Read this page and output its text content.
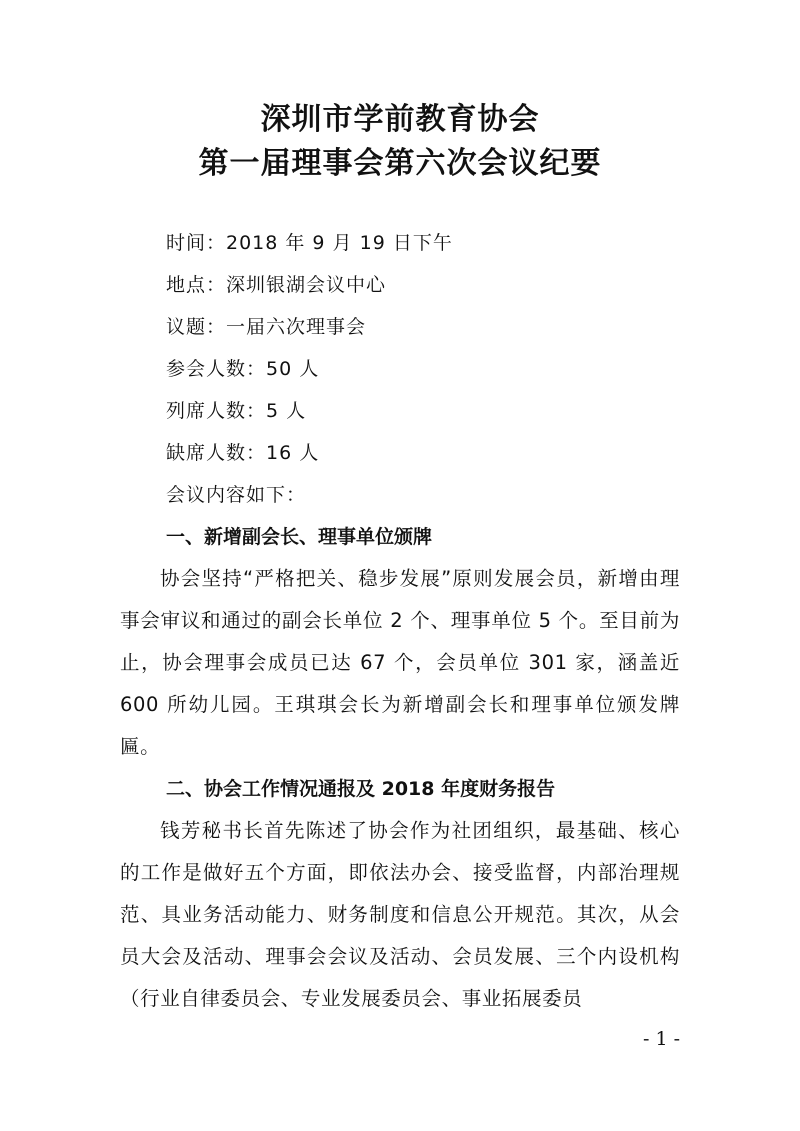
深圳市学前教育协会
第一届理事会第六次会议纪要
时间：2018 年 9 月 19 日下午
地点：深圳银湖会议中心
议题：一届六次理事会
参会人数：50 人
列席人数：5 人
缺席人数：16 人
会议内容如下：
一、新增副会长、理事单位颁牌
协会坚持“严格把关、稳步发展”原则发展会员，新增由理事会审议和通过的副会长单位 2 个、理事单位 5 个。至目前为止，协会理事会成员已达 67 个，会员单位 301 家，涵盖近 600 所幼儿园。王琪琪会长为新增副会长和理事单位颁发牌匾。
二、协会工作情况通报及 2018 年度财务报告
钱芳秘书长首先陈述了协会作为社团组织，最基础、核心的工作是做好五个方面，即依法办会、接受监督，内部治理规范、具业务活动能力、财务制度和信息公开规范。其次，从会员大会及活动、理事会会议及活动、会员发展、三个内设机构（行业自律委员会、专业发展委员会、事业拓展委员
- 1 -
